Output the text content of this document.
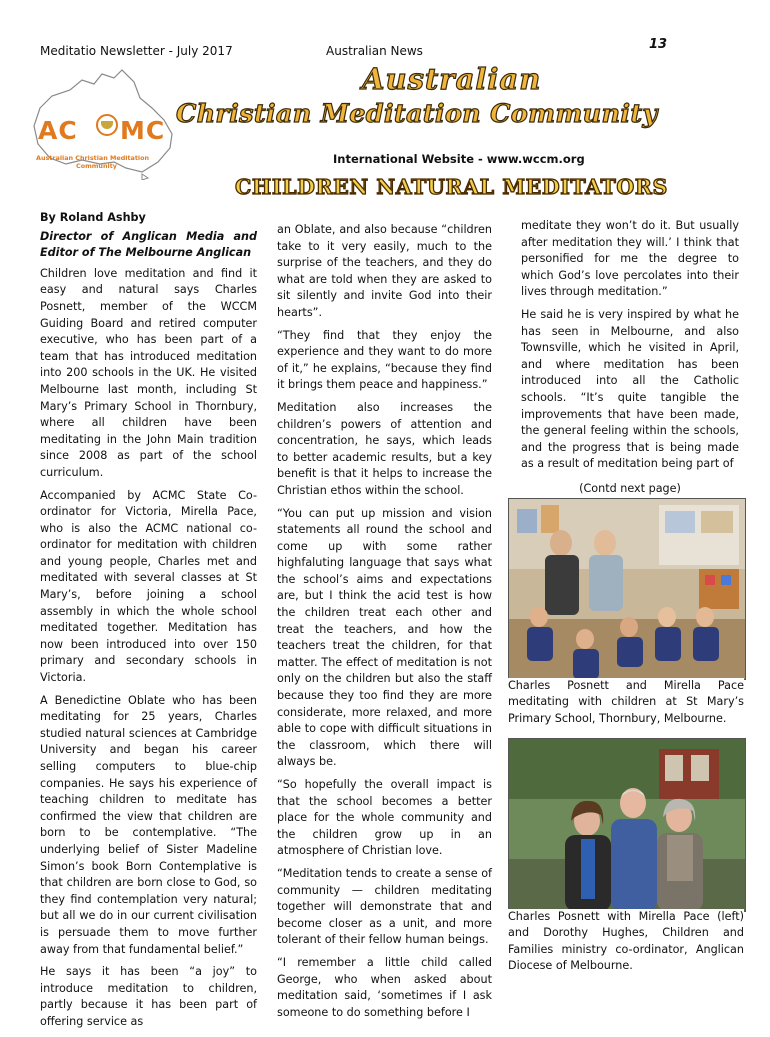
Meditatio Newsletter - July 2017	Australian News	13
AC MC
Australian Christian Meditation
Community
Australian
Christian Meditation Community
International Website - www.wccm.org
CHILDREN NATURAL MEDITATORS

By Roland Ashby

Director of Anglican Media and Editor of The Melbourne Anglican

Children love meditation and find it easy and natural says Charles Posnett, member of the WCCM Guiding Board and retired computer executive, who has been part of a team that has introduced meditation into 200 schools in the UK. He visited Melbourne last month, including St Mary’s Primary School in Thornbury, where all children have been meditating in the John Main tradition since 2008 as part of the school curriculum.

Accompanied by ACMC State Co-ordinator for Victoria, Mirella Pace, who is also the ACMC national co-ordinator for meditation with children and young people, Charles met and meditated with several classes at St Mary’s, before joining a school assembly in which the whole school meditated together. Meditation has now been introduced into over 150 primary and secondary schools in Victoria.

A Benedictine Oblate who has been meditating for 25 years, Charles studied natural sciences at Cambridge University and began his career selling computers to blue-chip companies. He says his experience of teaching children to meditate has confirmed the view that children are born to be contemplative. “The underlying belief of Sister Madeline Simon’s book Born Contemplative is that children are born close to God, so they find contemplation very natural; but all we do in our current civilisation is persuade them to move further away from that fundamental belief.”

He says it has been “a joy” to introduce meditation to children, partly because it has been part of offering service as

an Oblate, and also because “children take to it very easily, much to the surprise of the teachers, and they do what are told when they are asked to sit silently and invite God into their hearts”.

“They find that they enjoy the experience and they want to do more of it,” he explains, “because they find it brings them peace and happiness.”

Meditation also increases the children’s powers of attention and concentration, he says, which leads to better academic results, but a key benefit is that it helps to increase the Christian ethos within the school.

“You can put up mission and vision statements all round the school and come up with some rather highfaluting language that says what the school’s aims and expectations are, but I think the acid test is how the children treat each other and treat the teachers, and how the teachers treat the children, for that matter. The effect of meditation is not only on the children but also the staff because they too find they are more considerate, more relaxed, and more able to cope with difficult situations in the classroom, which there will always be.

“So hopefully the overall impact is that the school becomes a better place for the whole community and the children grow up in an atmosphere of Christian love.

“Meditation tends to create a sense of community — children meditating together will demonstrate that and become closer as a unit, and more tolerant of their fellow human beings.

“I remember a little child called George, who when asked about meditation said, ‘sometimes if I ask someone to do something before I

meditate they won’t do it. But usually after meditation they will.’ I think that personified for me the degree to which God’s love percolates into their lives through meditation.”

He said he is very inspired by what he has seen in Melbourne, and also Townsville, which he visited in April, and where meditation has been introduced into all the Catholic schools. “It’s quite tangible the improvements that have been made, the general feeling within the schools, and the progress that is being made as a result of meditation being part of

(Contd next page)
Charles Posnett and Mirella Pace meditating with children at St Mary’s Primary School, Thornbury, Melbourne.
Charles Posnett with Mirella Pace (left) and Dorothy Hughes, Children and Families ministry co-ordinator, Anglican Diocese of Melbourne.
